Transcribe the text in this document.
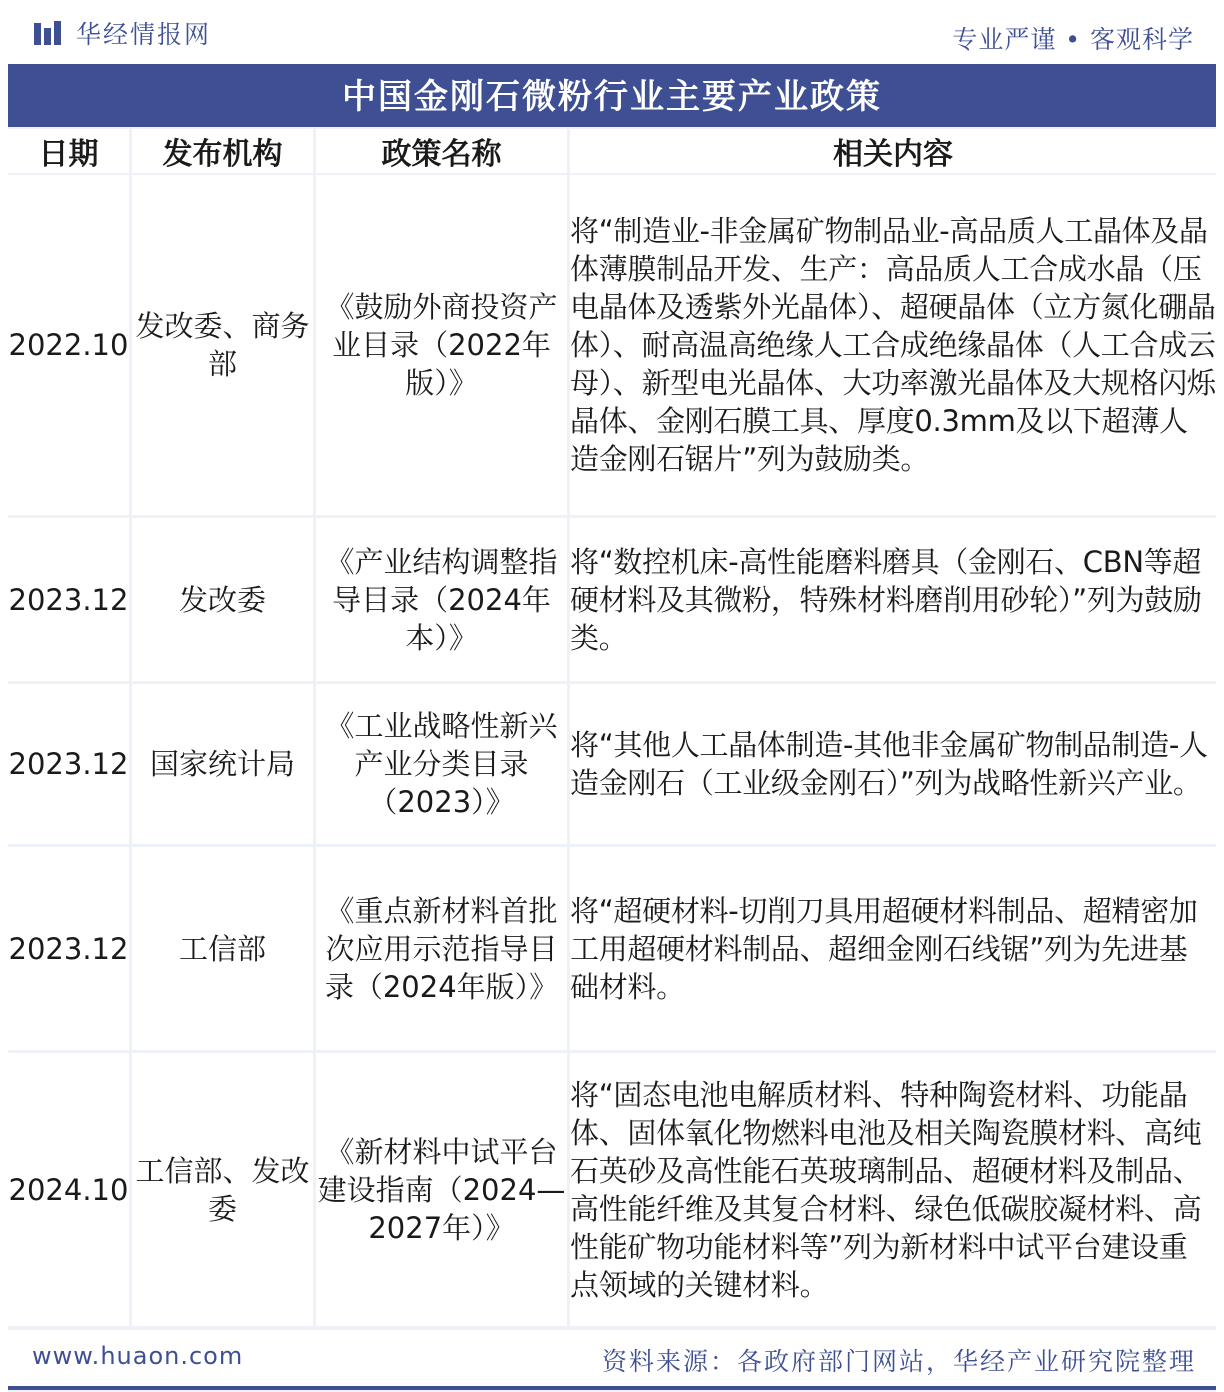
华经情报网	专业严谨 • 客观科学
中国金刚石微粉行业主要产业政策
日期	发布机构	政策名称	相关内容
2022.10	发改委、商务部	《鼓励外商投资产业目录（2022年版）》	将“制造业-非金属矿物制品业-高品质人工晶体及晶体薄膜制品开发、生产：高品质人工合成水晶（压电晶体及透紫外光晶体）、超硬晶体（立方氮化硼晶体）、耐高温高绝缘人工合成绝缘晶体（人工合成云母）、新型电光晶体、大功率激光晶体及大规格闪烁晶体、金刚石膜工具、厚度0.3mm及以下超薄人造金刚石锯片”列为鼓励类。
2023.12	发改委	《产业结构调整指导目录（2024年本）》	将“数控机床-高性能磨料磨具（金刚石、CBN等超硬材料及其微粉，特殊材料磨削用砂轮）”列为鼓励类。
2023.12	国家统计局	《工业战略性新兴产业分类目录（2023）》	将“其他人工晶体制造-其他非金属矿物制品制造-人造金刚石（工业级金刚石）”列为战略性新兴产业。
2023.12	工信部	《重点新材料首批次应用示范指导目录（2024年版）》	将“超硬材料-切削刀具用超硬材料制品、超精密加工用超硬材料制品、超细金刚石线锯”列为先进基础材料。
2024.10	工信部、发改委	《新材料中试平台建设指南（2024—2027年）》	将“固态电池电解质材料、特种陶瓷材料、功能晶体、固体氧化物燃料电池及相关陶瓷膜材料、高纯石英砂及高性能石英玻璃制品、超硬材料及制品、高性能纤维及其复合材料、绿色低碳胶凝材料、高性能矿物功能材料等”列为新材料中试平台建设重点领域的关键材料。
www.huaon.com	资料来源：各政府部门网站，华经产业研究院整理
